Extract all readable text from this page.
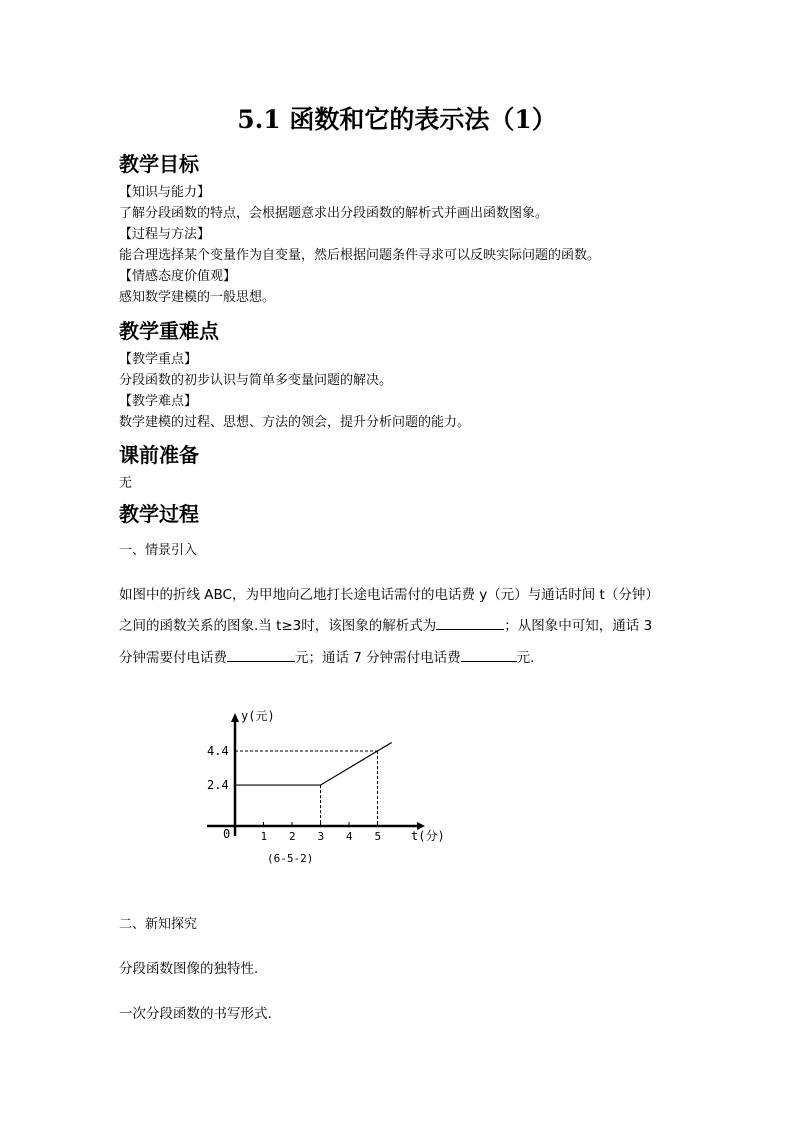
5.1 函数和它的表示法（1）
教学目标
【知识与能力】
了解分段函数的特点，会根据题意求出分段函数的解析式并画出函数图象。
【过程与方法】
能合理选择某个变量作为自变量，然后根据问题条件寻求可以反映实际问题的函数。
【情感态度价值观】
感知数学建模的一般思想。
教学重难点
【教学重点】
分段函数的初步认识与简单多变量问题的解决。
【教学难点】
数学建模的过程、思想、方法的领会，提升分析问题的能力。
课前准备
无
教学过程
一、情景引入
如图中的折线 ABC，为甲地向乙地打长途电话需付的电话费 y（元）与通话时间 t（分钟）
之间的函数关系的图象.当 t≥3时，该图象的解析式为	；从图象中可知，通话 3
分钟需要付电话费	元；通话 7 分钟需付电话费	元.
y(元)
t(分)
0
(6-5-2)
1 2 3 4 5
2.4
4.4
二、新知探究
分段函数图像的独特性.
一次分段函数的书写形式.
